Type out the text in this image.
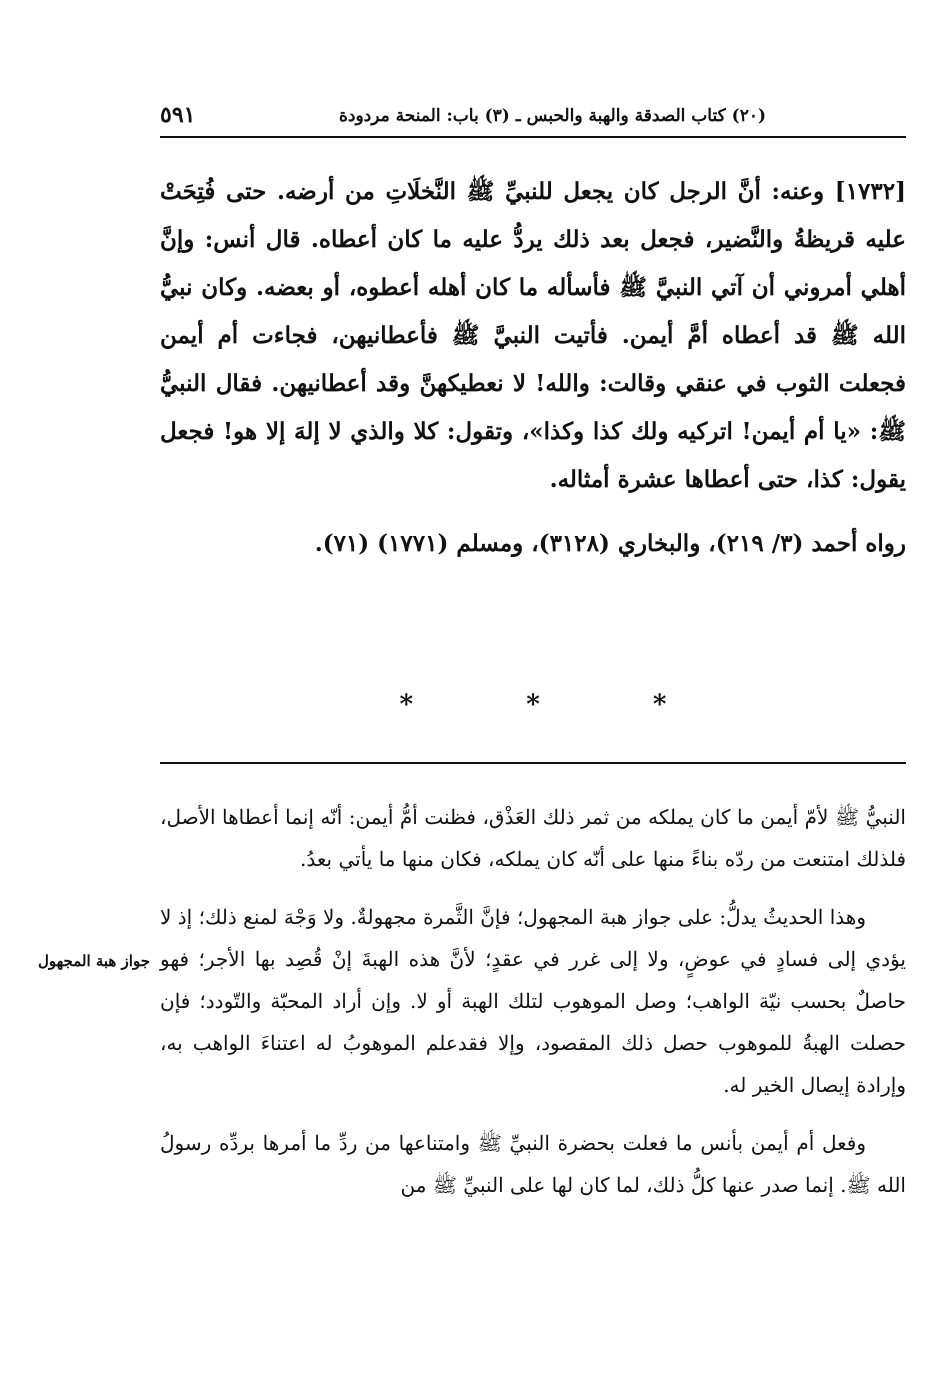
(٢٠) كتاب الصدقة والهبة والحبس ـ (٣) باب: المنحة مردودة
٥٩١

[١٧٣٢] وعنه: أنَّ الرجل كان يجعل للنبيِّ ﷺ النَّخلَاتِ من أرضه. حتى فُتِحَتْ عليه قريظةُ والنَّضير، فجعل بعد ذلك يردُّ عليه ما كان أعطاه. قال أنس: وإنَّ أهلي أمروني أن آتي النبيَّ ﷺ فأسأله ما كان أهله أعطوه، أو بعضه. وكان نبيُّ الله ﷺ قد أعطاه أمَّ أيمن. فأتيت النبيَّ ﷺ فأعطانيهن، فجاءت أم أيمن فجعلت الثوب في عنقي وقالت: والله! لا نعطيكهنَّ وقد أعطانيهن. فقال النبيُّ ﷺ: «يا أم أيمن! اتركيه ولك كذا وكذا»، وتقول: كلا والذي لا إلهَ إلا هو! فجعل يقول: كذا، حتى أعطاها عشرة أمثاله.

رواه أحمد (٣/ ٢١٩)، والبخاري (٣١٢٨)، ومسلم (١٧٧١) (٧١).

* * *

النبيُّ ﷺ لأمّ أيمن ما كان يملكه من ثمر ذلك العَذْق، فظنت أمُّ أيمن: أنّه إنما أعطاها الأصل، فلذلك امتنعت من ردّه بناءً منها على أنّه كان يملكه، فكان منها ما يأتي بعدُ.

وهذا الحديثُ يدلُّ: على جواز هبة المجهول؛ فإنَّ الثَّمرة مجهولةٌ. ولا وَجْهَ لمنع ذلك؛ إذ لا يؤدي إلى فسادٍ في عوضٍ، ولا إلى غرر في عقدٍ؛ لأنَّ هذه الهبةَ إنْ قُصِد بها الأجر؛ فهو حاصلٌ بحسب نيّة الواهب؛ وصل الموهوب لتلك الهبة أو لا. وإن أراد المحبّة والتّودد؛ فإن حصلت الهبةُ للموهوب حصل ذلك المقصود، وإلا فقدعلم الموهوبُ له اعتناءَ الواهب به، وإرادة إيصال الخير له.

وفعل أم أيمن بأنس ما فعلت بحضرة النبيِّ ﷺ وامتناعها من ردِّ ما أمرها بردِّه رسولُ الله ﷺ. إنما صدر عنها كلُّ ذلك، لما كان لها على النبيِّ ﷺ من

جواز هبة المجهول
